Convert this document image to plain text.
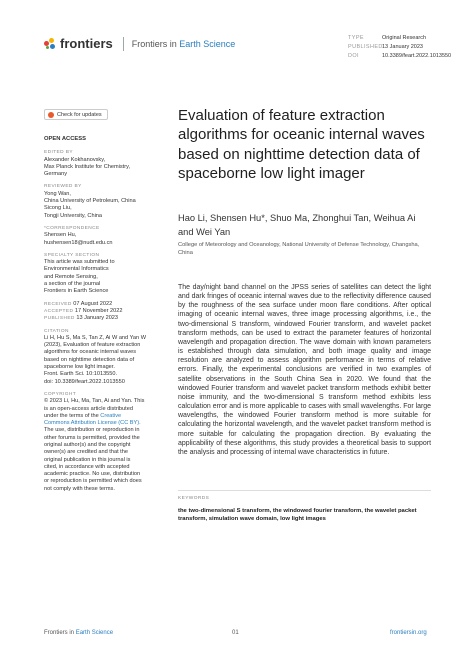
frontiers Frontiers in Earth Science
TYPE	Original Research
PUBLISHED13 January 2023
DOI	10.3389/feart.2022.1013550
Check for updates
OPEN ACCESS
EDITED BY
Alexander Kokhanovsky,
Max Planck Institute for Chemistry,
Germany
REVIEWED BY
Yong Wan,
China University of Petroleum, China
Sicong Liu,
Tongji University, China
*CORRESPONDENCE
Shensen Hu,
hushensen18@nudt.edu.cn
SPECIALTY SECTION
This article was submitted to
Environmental Informatics
and Remote Sensing,
a section of the journal
Frontiers in Earth Science
RECEIVED 07 August 2022
ACCEPTED 17 November 2022
PUBLISHED 13 January 2023
CITATION
Li H, Hu S, Ma S, Tan Z, Ai W and Yan W
(2023), Evaluation of feature extraction
algorithms for oceanic internal waves
based on nighttime detection data of
spaceborne low light imager.
Front. Earth Sci. 10:1013550.
doi: 10.3389/feart.2022.1013550
COPYRIGHT
© 2023 Li, Hu, Ma, Tan, Ai and Yan. This
is an open-access article distributed
under the terms of the Creative
Commons Attribution License (CC BY).
The use, distribution or reproduction in
other forums is permitted, provided the
original author(s) and the copyright
owner(s) are credited and that the
original publication in this journal is
cited, in accordance with accepted
academic practice. No use, distribution
or reproduction is permitted which does
not comply with these terms.
Evaluation of feature extraction algorithms for oceanic internal waves based on nighttime detection data of spaceborne low light imager
Hao Li, Shensen Hu*, Shuo Ma, Zhonghui Tan, Weihua Ai and Wei Yan
College of Meteorology and Oceanology, National University of Defense Technology, Changsha, China
The day/night band channel on the JPSS series of satellites can detect the light and dark fringes of oceanic internal waves due to the reflectivity difference caused by the roughness of the sea surface under moon flare conditions. After optical imaging of oceanic internal waves, three image processing algorithms, i.e., the two-dimensional S transform, windowed Fourier transform, and wavelet packet transform methods, can be used to extract the parameter features of horizontal wavelength and propagation direction. The wave domain with known parameters is established through data simulation, and both image quality and image resolution are analyzed to assess algorithm performance in terms of relative errors. Finally, the experimental conclusions are verified in two examples of satellite observations in the South China Sea in 2020. We found that the windowed Fourier transform and wavelet packet transform methods exhibit better noise immunity, and the two-dimensional S transform method exhibits less calculation error and is more applicable to cases with small wavelengths. For large wavelengths, the windowed Fourier transform method is more suitable for calculating the horizontal wavelength, and the wavelet packet transform method is more suitable for calculating the propagation direction. By evaluating the applicability of these algorithms, this study provides a theoretical basis to support the analysis and processing of internal wave characteristics in future.
KEYWORDS
the two-dimensional S transform, the windowed fourier transform, the wavelet packet transform, simulation wave domain, low light images
Frontiers in Earth Science	01	frontiersin.org
